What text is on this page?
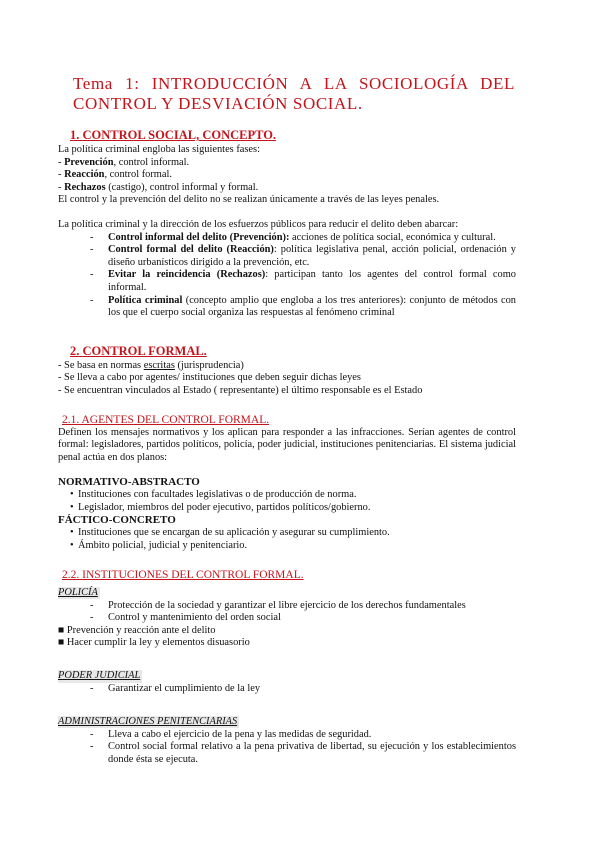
Tema 1: INTRODUCCIÓN A LA SOCIOLOGÍA DEL CONTROL Y DESVIACIÓN SOCIAL.
1. CONTROL SOCIAL, CONCEPTO.

La política criminal engloba las siguientes fases:

- Prevención, control informal.

- Reacción, control formal.

- Rechazos (castigo), control informal y formal.

El control y la prevención del delito no se realizan únicamente a través de las leyes penales.

La política criminal y la dirección de los esfuerzos públicos para reducir el delito deben abarcar:

- Control informal del delito (Prevención): acciones de política social, económica y cultural.
- Control formal del delito (Reacción): política legislativa penal, acción policial, ordenación y diseño urbanísticos dirigido a la prevención, etc.
- Evitar la reincidencia (Rechazos): participan tanto los agentes del control formal como informal.
- Política criminal (concepto amplio que engloba a los tres anteriores): conjunto de métodos con los que el cuerpo social organiza las respuestas al fenómeno criminal
2. CONTROL FORMAL.

- Se basa en normas escritas (jurisprudencia)

- Se lleva a cabo por agentes/ instituciones que deben seguir dichas leyes

- Se encuentran vinculados al Estado ( representante) el último responsable es el Estado

2.1. AGENTES DEL CONTROL FORMAL.

Definen los mensajes normativos y los aplican para responder a las infracciones. Serían agentes de control formal: legisladores, partidos políticos, policía, poder judicial, instituciones penitenciarias. El sistema judicial penal actúa en dos planos:

NORMATIVO-ABSTRACTO

• Instituciones con facultades legislativas o de producción de norma.
• Legislador, miembros del poder ejecutivo, partidos políticos/gobierno.

FÁCTICO-CONCRETO

• Instituciones que se encargan de su aplicación y asegurar su cumplimiento.
• Ámbito policial, judicial y penitenciario.
2.2. INSTITUCIONES DEL CONTROL FORMAL.

POLICÍA

- Protección de la sociedad y garantizar el libre ejercicio de los derechos fundamentales
- Control y mantenimiento del orden social

■ Prevención y reacción ante el delito

■ Hacer cumplir la ley y elementos disuasorio

PODER JUDICIAL

- Garantizar el cumplimiento de la ley

ADMINISTRACIONES PENITENCIARIAS

- Lleva a cabo el ejercicio de la pena y las medidas de seguridad.
- Control social formal relativo a la pena privativa de libertad, su ejecución y los establecimientos donde ésta se ejecuta.
